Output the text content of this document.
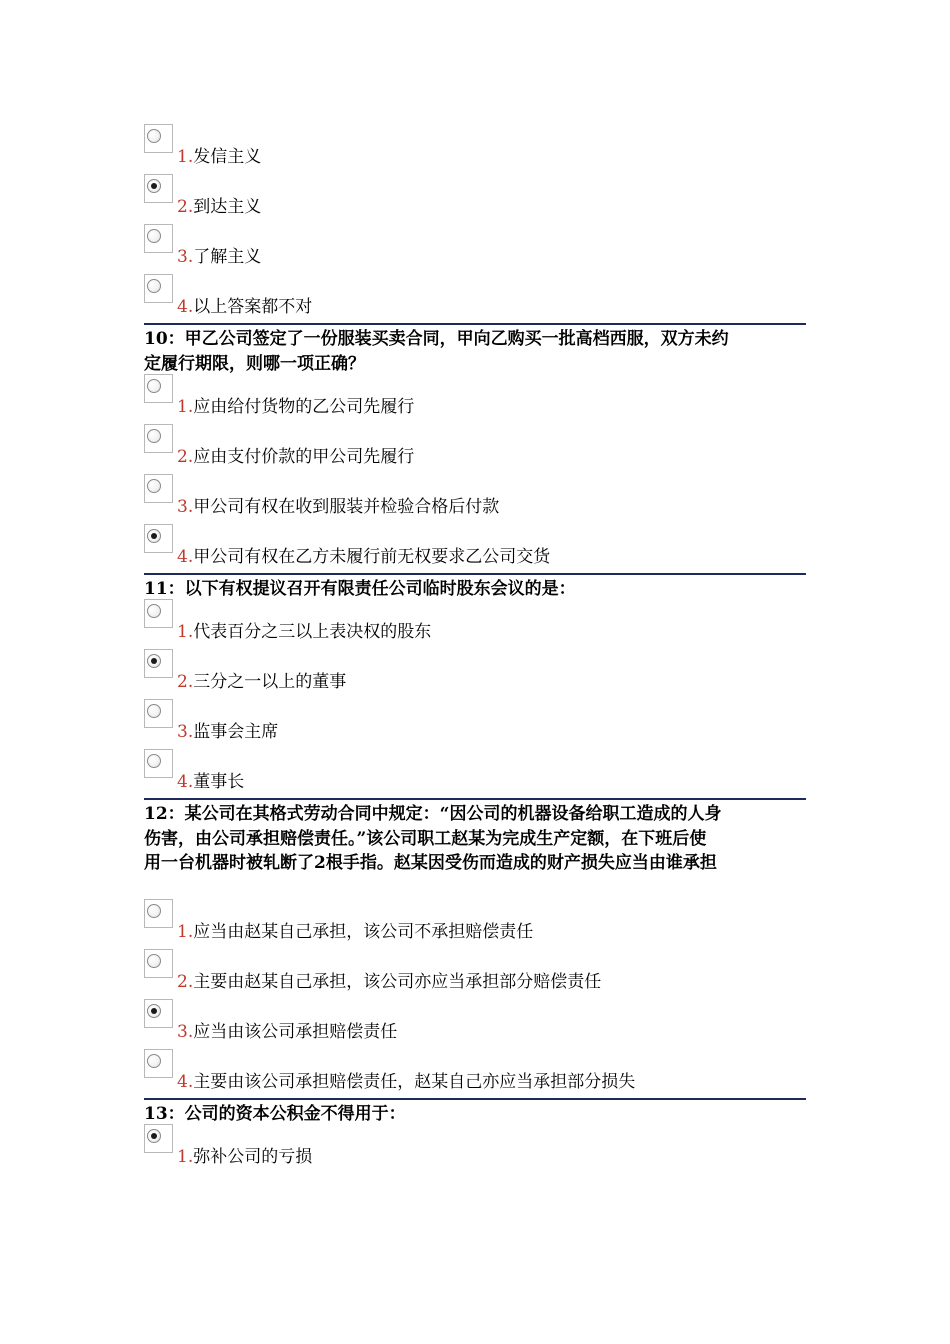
1.发信主义
2.到达主义
3.了解主义
4.以上答案都不对
10：甲乙公司签定了一份服装买卖合同，甲向乙购买一批高档西服，双方未约
定履行期限，则哪一项正确？
1.应由给付货物的乙公司先履行
2.应由支付价款的甲公司先履行
3.甲公司有权在收到服装并检验合格后付款
4.甲公司有权在乙方未履行前无权要求乙公司交货
11：以下有权提议召开有限责任公司临时股东会议的是：
1.代表百分之三以上表决权的股东
2.三分之一以上的董事
3.监事会主席
4.董事长
12：某公司在其格式劳动合同中规定：“因公司的机器设备给职工造成的人身
伤害，由公司承担赔偿责任。”该公司职工赵某为完成生产定额，在下班后使
用一台机器时被轧断了2根手指。赵某因受伤而造成的财产损失应当由谁承担
1.应当由赵某自己承担，该公司不承担赔偿责任
2.主要由赵某自己承担，该公司亦应当承担部分赔偿责任
3.应当由该公司承担赔偿责任
4.主要由该公司承担赔偿责任，赵某自己亦应当承担部分损失
13：公司的资本公积金不得用于：
1.弥补公司的亏损
